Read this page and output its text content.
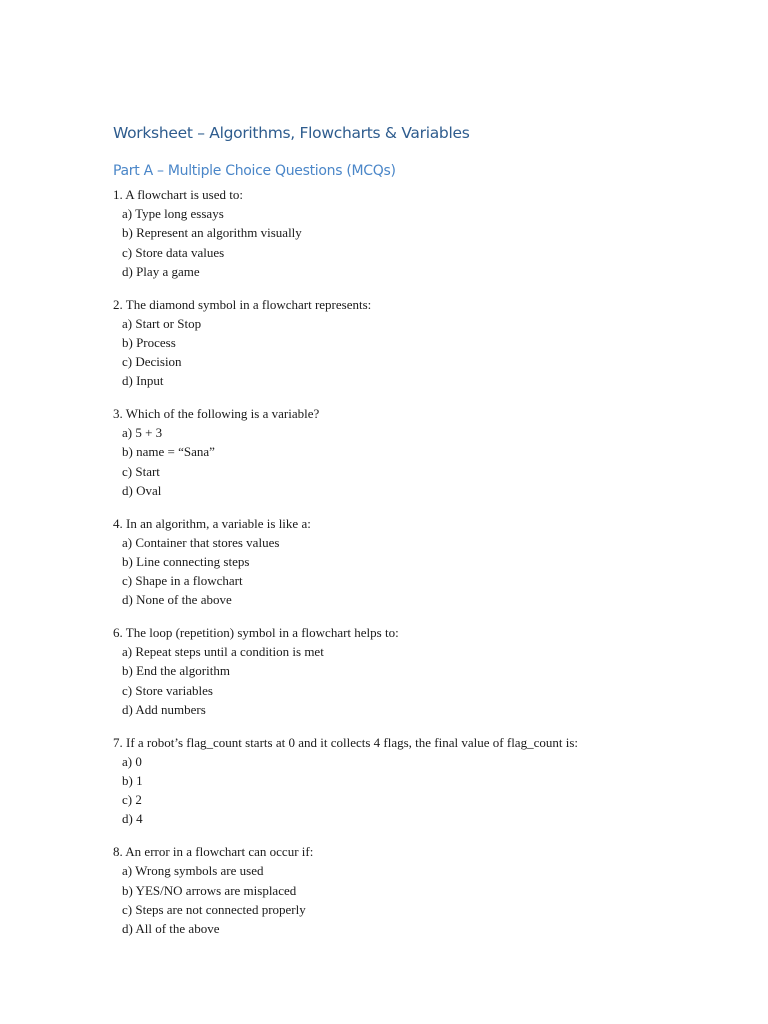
Worksheet – Algorithms, Flowcharts & Variables
Part A – Multiple Choice Questions (MCQs)
1. A flowchart is used to:
a) Type long essays
b) Represent an algorithm visually
c) Store data values
d) Play a game
2. The diamond symbol in a flowchart represents:
a) Start or Stop
b) Process
c) Decision
d) Input
3. Which of the following is a variable?
a) 5 + 3
b) name = “Sana”
c) Start
d) Oval
4. In an algorithm, a variable is like a:
a) Container that stores values
b) Line connecting steps
c) Shape in a flowchart
d) None of the above
6. The loop (repetition) symbol in a flowchart helps to:
a) Repeat steps until a condition is met
b) End the algorithm
c) Store variables
d) Add numbers
7. If a robot’s flag_count starts at 0 and it collects 4 flags, the final value of flag_count is:
a) 0
b) 1
c) 2
d) 4
8. An error in a flowchart can occur if:
a) Wrong symbols are used
b) YES/NO arrows are misplaced
c) Steps are not connected properly
d) All of the above
